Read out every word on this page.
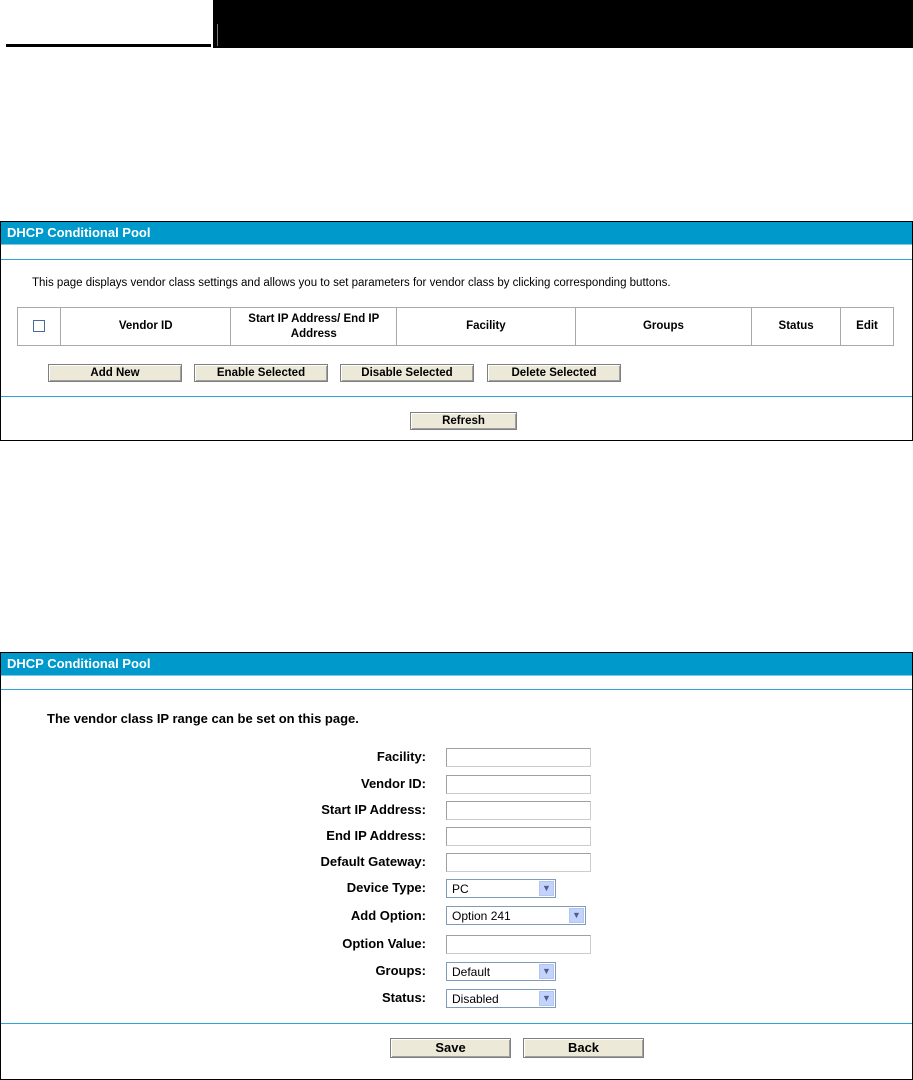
DHCP Conditional Pool
This page displays vendor class settings and allows you to set parameters for vendor class by clicking corresponding buttons.
	Vendor ID	Start IP Address/ End IP Address	Facility	Groups	Status	Edit
Add New	Enable Selected	Disable Selected	Delete Selected
Refresh
DHCP Conditional Pool
The vendor class IP range can be set on this page.
Facility:
Vendor ID:
Start IP Address:
End IP Address:
Default Gateway:
Device Type:	PC	▼
Add Option:	Option 241	▼
Option Value:
Groups:	Default	▼
Status:	Disabled	▼
Save	Back
